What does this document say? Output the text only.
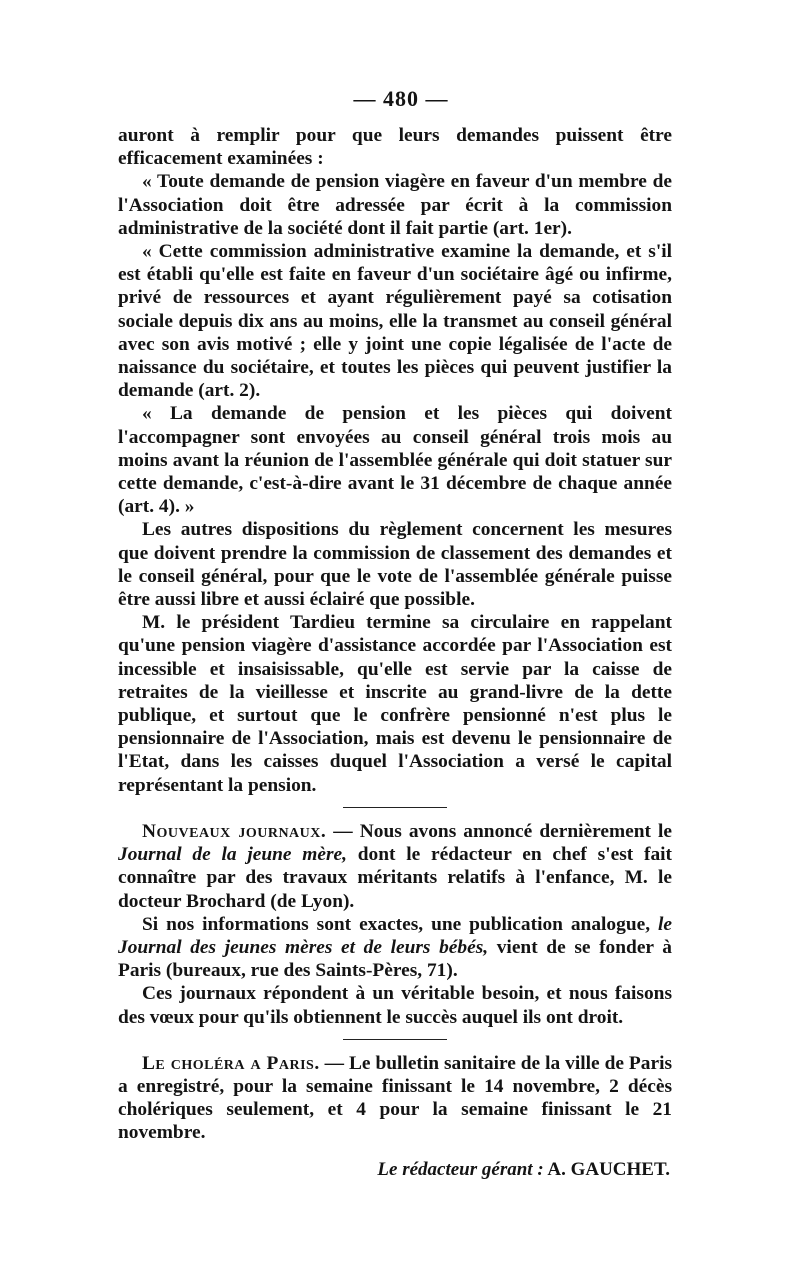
— 480 —

auront à remplir pour que leurs demandes puissent être efficacement examinées :

« Toute demande de pension viagère en faveur d'un membre de l'Association doit être adressée par écrit à la commission administrative de la société dont il fait partie (art. 1er).

« Cette commission administrative examine la demande, et s'il est établi qu'elle est faite en faveur d'un sociétaire âgé ou infirme, privé de ressources et ayant régulièrement payé sa cotisation sociale depuis dix ans au moins, elle la transmet au conseil général avec son avis motivé ; elle y joint une copie légalisée de l'acte de naissance du sociétaire, et toutes les pièces qui peuvent justifier la demande (art. 2).

« La demande de pension et les pièces qui doivent l'accompagner sont envoyées au conseil général trois mois au moins avant la réunion de l'assemblée générale qui doit statuer sur cette demande, c'est-à-dire avant le 31 décembre de chaque année (art. 4). »

Les autres dispositions du règlement concernent les mesures que doivent prendre la commission de classement des demandes et le conseil général, pour que le vote de l'assemblée générale puisse être aussi libre et aussi éclairé que possible.

M. le président Tardieu termine sa circulaire en rappelant qu'une pension viagère d'assistance accordée par l'Association est incessible et insaisissable, qu'elle est servie par la caisse de retraites de la vieillesse et inscrite au grand-livre de la dette publique, et surtout que le confrère pensionné n'est plus le pensionnaire de l'Association, mais est devenu le pensionnaire de l'Etat, dans les caisses duquel l'Association a versé le capital représentant la pension.

Nouveaux journaux. — Nous avons annoncé dernièrement le Journal de la jeune mère, dont le rédacteur en chef s'est fait connaître par des travaux méritants relatifs à l'enfance, M. le docteur Brochard (de Lyon).

Si nos informations sont exactes, une publication analogue, le Journal des jeunes mères et de leurs bébés, vient de se fonder à Paris (bureaux, rue des Saints-Pères, 71).

Ces journaux répondent à un véritable besoin, et nous faisons des vœux pour qu'ils obtiennent le succès auquel ils ont droit.

Le choléra a Paris. — Le bulletin sanitaire de la ville de Paris a enregistré, pour la semaine finissant le 14 novembre, 2 décès cholériques seulement, et 4 pour la semaine finissant le 21 novembre.

Le rédacteur gérant : A. GAUCHET.
